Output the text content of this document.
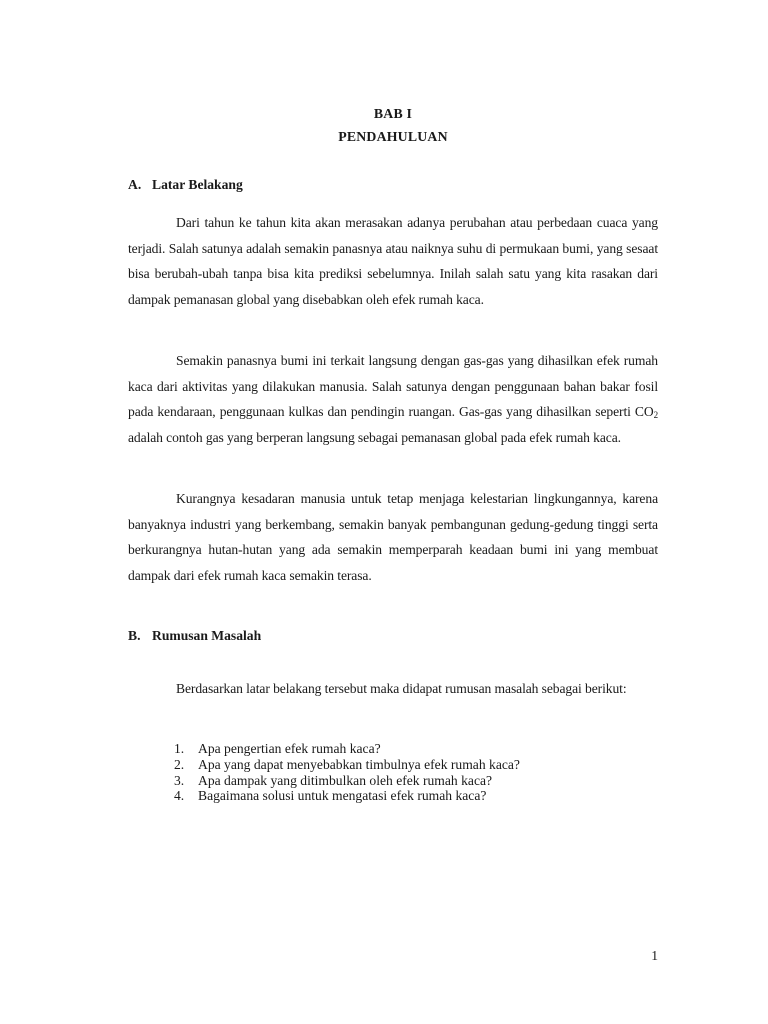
BAB I
PENDAHULUAN
A. Latar Belakang

Dari tahun ke tahun kita akan merasakan adanya perubahan atau perbedaan cuaca yang terjadi. Salah satunya adalah semakin panasnya atau naiknya suhu di permukaan bumi, yang sesaat bisa berubah-ubah tanpa bisa kita prediksi sebelumnya. Inilah salah satu yang kita rasakan dari dampak pemanasan global yang disebabkan oleh efek rumah kaca.

Semakin panasnya bumi ini terkait langsung dengan gas-gas yang dihasilkan efek rumah kaca dari aktivitas yang dilakukan manusia. Salah satunya dengan penggunaan bahan bakar fosil pada kendaraan, penggunaan kulkas dan pendingin ruangan. Gas-gas yang dihasilkan seperti $CO_2$ adalah contoh gas yang berperan langsung sebagai pemanasan global pada efek rumah kaca.

Kurangnya kesadaran manusia untuk tetap menjaga kelestarian lingkungannya, karena banyaknya industri yang berkembang, semakin banyak pembangunan gedung-gedung tinggi serta berkurangnya hutan-hutan yang ada semakin memperparah keadaan bumi ini yang membuat dampak dari efek rumah kaca semakin terasa.

B. Rumusan Masalah

Berdasarkan latar belakang tersebut maka didapat rumusan masalah sebagai berikut:

1. Apa pengertian efek rumah kaca?
2. Apa yang dapat menyebabkan timbulnya efek rumah kaca?
3. Apa dampak yang ditimbulkan oleh efek rumah kaca?
4. Bagaimana solusi untuk mengatasi efek rumah kaca?
1
